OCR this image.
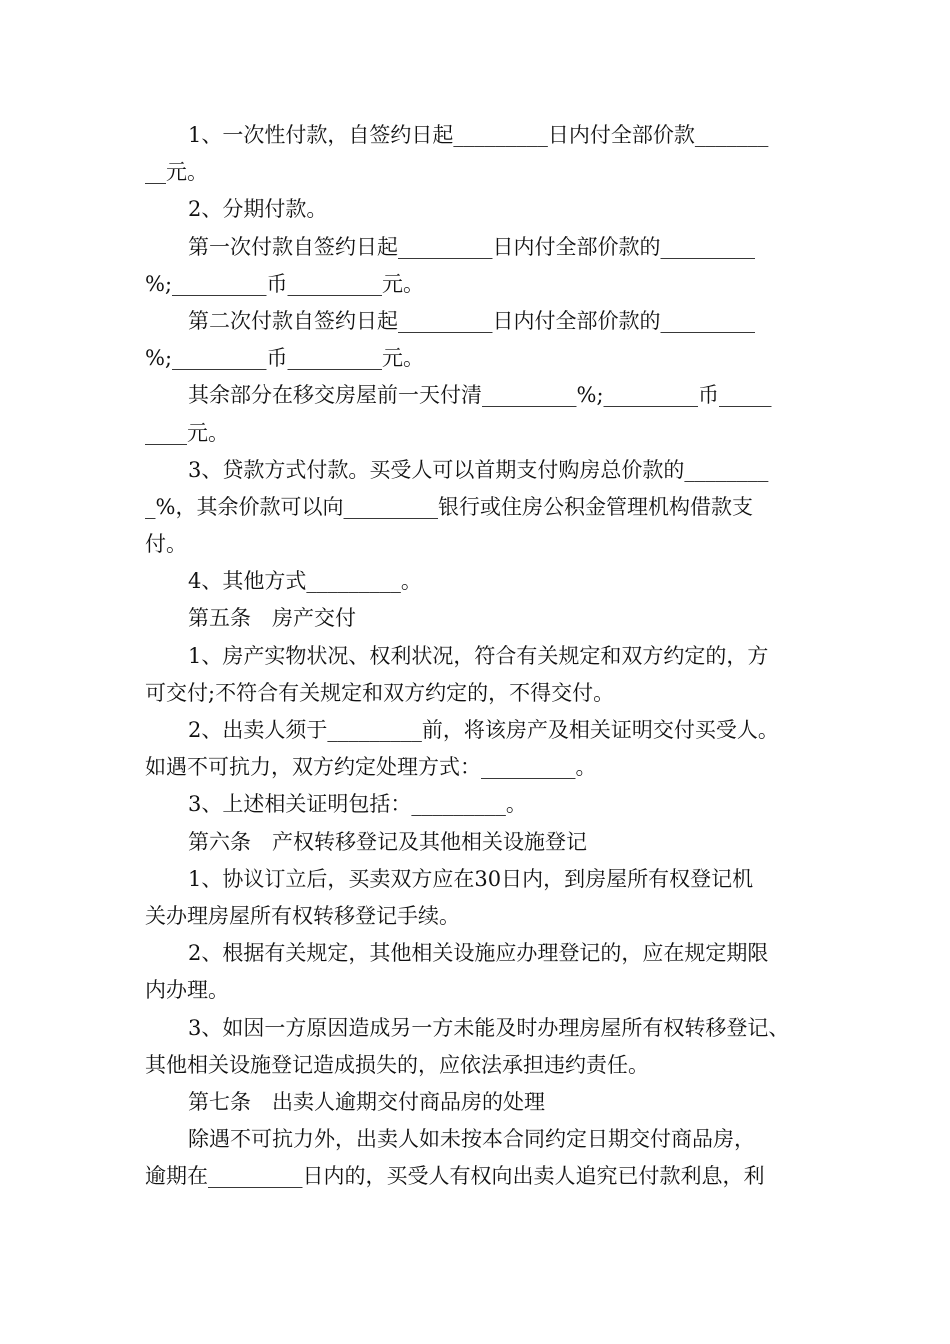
1、一次性付款，自签约日起_________日内付全部价款_______
__元。
2、分期付款。
第一次付款自签约日起_________日内付全部价款的_________
%;_________币_________元。
第二次付款自签约日起_________日内付全部价款的_________
%;_________币_________元。
其余部分在移交房屋前一天付清_________%;_________币_____
____元。
3、贷款方式付款。买受人可以首期支付购房总价款的________
_%，其余价款可以向_________银行或住房公积金管理机构借款支
付。
4、其他方式_________。
第五条　房产交付
1、房产实物状况、权利状况，符合有关规定和双方约定的，方
可交付;不符合有关规定和双方约定的，不得交付。
2、出卖人须于_________前，将该房产及相关证明交付买受人。
如遇不可抗力，双方约定处理方式：_________。
3、上述相关证明包括：_________。
第六条　产权转移登记及其他相关设施登记
1、协议订立后，买卖双方应在30日内，到房屋所有权登记机
关办理房屋所有权转移登记手续。
2、根据有关规定，其他相关设施应办理登记的，应在规定期限
内办理。
3、如因一方原因造成另一方未能及时办理房屋所有权转移登记、
其他相关设施登记造成损失的，应依法承担违约责任。
第七条　出卖人逾期交付商品房的处理
除遇不可抗力外，出卖人如未按本合同约定日期交付商品房，
逾期在_________日内的，买受人有权向出卖人追究已付款利息，利
